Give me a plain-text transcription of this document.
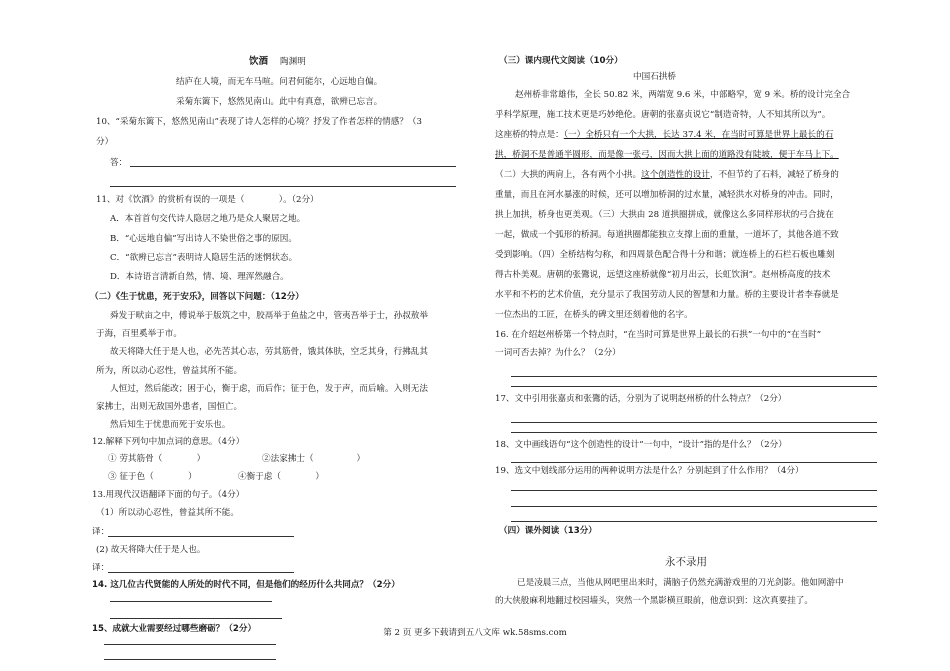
饮酒 陶渊明
结庐在人境，而无车马喧。问君何能尔，心远地自偏。
采菊东篱下，悠然见南山。此中有真意，欲辨已忘言。
10、“采菊东篱下，悠然见南山”表现了诗人怎样的心境？抒发了作者怎样的情感？（3
分）
答：
11、对《饮酒》的赏析有误的一项是（　　　　）。（2分）
A．本首首句交代诗人隐居之地乃是众人聚居之地。
B．“心远地自偏”写出诗人不染世俗之事的原因。
C．“欲辨已忘言”表明诗人隐居生活的迷惘状态。
D．本诗语言清新自然，情、境、理浑然融合。
（二）《生于忧患，死于安乐》，回答以下问题：（12分）
舜发于畎亩之中，傅说举于版筑之中，胶鬲举于鱼盐之中，管夷吾举于士，孙叔敖举
于海，百里奚举于市。
故天将降大任于是人也，必先苦其心志，劳其筋骨，饿其体肤，空乏其身，行拂乱其
所为，所以动心忍性，曾益其所不能。
人恒过，然后能改；困于心，衡于虑，而后作；征于色，发于声，而后喻。入则无法
家拂士，出则无敌国外患者，国恒亡。
然后知生于忧患而死于安乐也。
12.解释下列句中加点词的意思。（4分）
① 劳其筋骨（　　　　）	②法家拂士（　　　　　）
③ 征于色（　　　　）	④衡于虑（　　　　）
13.用现代汉语翻译下面的句子。（4分）
（1）所以动心忍性，曾益其所不能。
译：
(2) 故天将降大任于是人也。
译：
14. 这几位古代贤能的人所处的时代不同，但是他们的经历什么共同点？（2分）
15、成就大业需要经过哪些磨砺？（2分）
（三）课内现代文阅读（10分）
中国石拱桥
赵州桥非常雄伟，全长 50.82 米，两端宽 9.6 米，中部略窄，宽 9 米。桥的设计完全合
乎科学原理，施工技术更是巧妙绝伦。唐朝的张嘉贞说它“制造奇特，人不知其所以为”。
这座桥的特点是：（一）全桥只有一个大拱，长达 37.4 米，在当时可算是世界上最长的石
拱，桥洞不是普通半圆形，而是像一张弓，因而大拱上面的道路没有陡坡，便于车马上下。
（二）大拱的两肩上，各有两个小拱。这个创造性的设计，不但节约了石料，减轻了桥身的
重量，而且在河水暴涨的时候，还可以增加桥洞的过水量，减轻洪水对桥身的冲击。同时，
拱上加拱，桥身也更美观。（三）大拱由 28 道拱圈拼成，就像这么多同样形状的弓合拢在
一起，做成一个弧形的桥洞。每道拱圈都能独立支撑上面的重量，一道坏了，其他各道不致
受到影响。（四）全桥结构匀称，和四周景色配合得十分和谐；就连桥上的石栏石板也雕刻
得古朴美观。唐朝的张鷟说，远望这座桥就像“初月出云，长虹饮涧”。赵州桥高度的技术
水平和不朽的艺术价值，充分显示了我国劳动人民的智慧和力量。桥的主要设计者李春就是
一位杰出的工匠，在桥头的碑文里还刻着他的名字。
16. 在介绍赵州桥第一个特点时，“在当时可算是世界上最长的石拱”一句中的“在当时”
一词可否去掉？为什么？（2分）
17、文中引用张嘉贞和张鷟的话，分别为了说明赵州桥的什么特点？（2分）
18、文中画线语句“这个创造性的设计”一句中，“设计”指的是什么？（2分）
19、选文中划线部分运用的两种说明方法是什么？分别起到了什么作用？（4分）
（四）课外阅读（13分）
永不录用
已是凌晨三点，当他从网吧里出来时，满脑子仍然充满游戏里的刀光剑影。他如网游中
的大侠般麻利地翻过校园墙头，突然一个黑影横亘眼前，他意识到：这次真要挂了。
第 2 页 更多下载请到五八文库 wk.58sms.com
